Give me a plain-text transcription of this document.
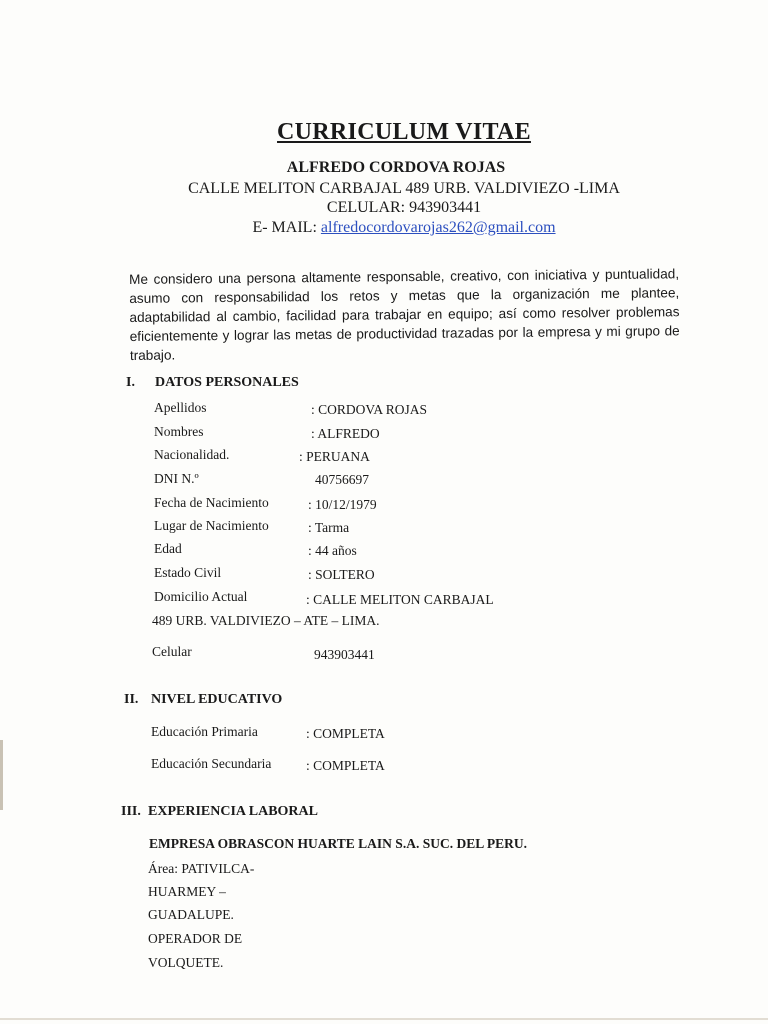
CURRICULUM VITAE
ALFREDO CORDOVA ROJAS
CALLE MELITON CARBAJAL 489 URB. VALDIVIEZO -LIMA
CELULAR: 943903441
E- MAIL: alfredocordovarojas262@gmail.com
Me considero una persona altamente responsable, creativo, con iniciativa y puntualidad, asumo con responsabilidad los retos y metas que la organización me plantee, adaptabilidad al cambio, facilidad para trabajar en equipo; así como resolver problemas eficientemente y lograr las metas de productividad trazadas por la empresa y mi grupo de trabajo.
I. DATOS PERSONALES
Apellidos	: CORDOVA ROJAS
Nombres	: ALFREDO
Nacionalidad.	: PERUANA
DNI N.º	40756697
Fecha de Nacimiento	: 10/12/1979
Lugar de Nacimiento	: Tarma
Edad	: 44 años
Estado Civil	: SOLTERO
Domicilio Actual	: CALLE MELITON CARBAJAL
489 URB. VALDIVIEZO – ATE – LIMA.
Celular	943903441
II. NIVEL EDUCATIVO
Educación Primaria	: COMPLETA
Educación Secundaria	: COMPLETA
III. EXPERIENCIA LABORAL
EMPRESA OBRASCON HUARTE LAIN S.A. SUC. DEL PERU.
Área: PATIVILCA-
HUARMEY –
GUADALUPE.
OPERADOR DE
VOLQUETE.
